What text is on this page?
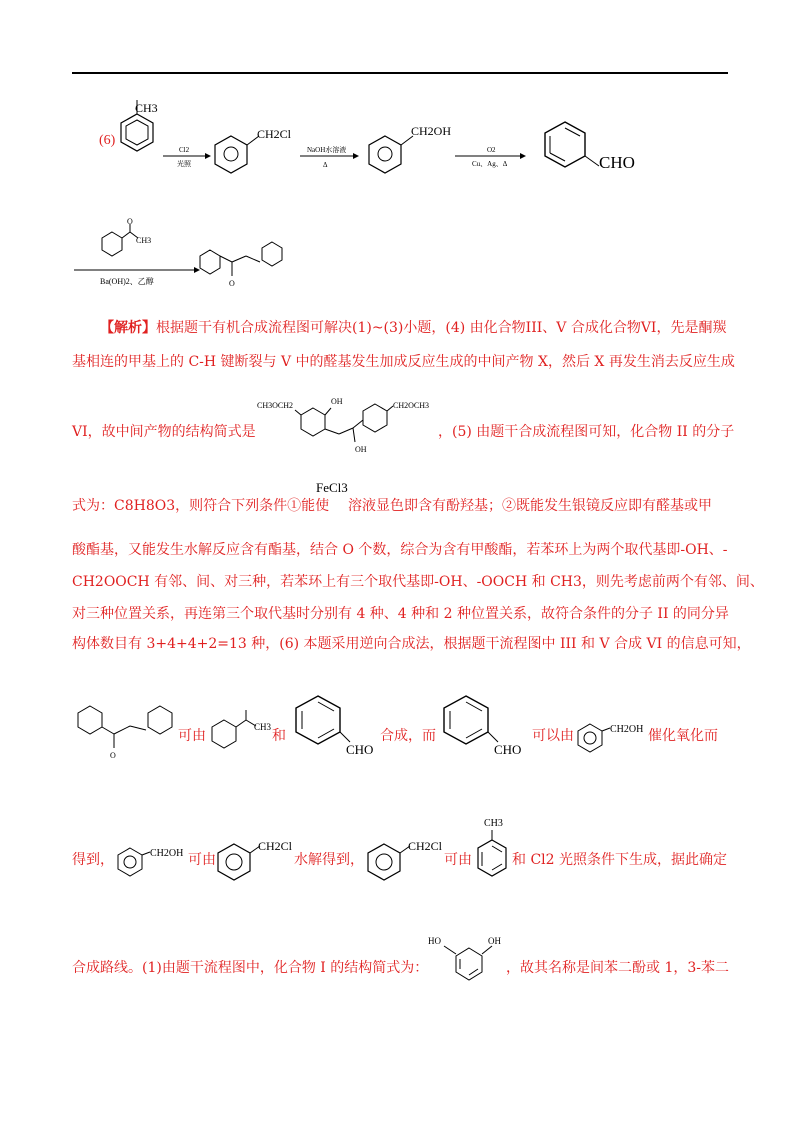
(6)
CH3
Cl2
光照
CH2Cl
NaOH水溶液
Δ
CH2OH
O2
Cu、Ag、Δ	CHO
O
CH3
Ba(OH)2、乙醇	O
【解析】根据题干有机合成流程图可解决(1)~(3)小题，(4) 由化合物III、V 合成化合物VI，先是酮羰
基相连的甲基上的 C-H 键断裂与 V 中的醛基发生加成反应生成的中间产物 X，然后 X 再发生消去反应生成
VI，故中间产物的结构简式是
CH3OCH2	OH	CH2OCH3
OH
，(5) 由题干合成流程图可知，化合物 II 的分子
式为：C8H8O3，则符合下列条件①能使
FeCl3
溶液显色即含有酚羟基；②既能发生银镜反应即有醛基或甲
酸酯基，又能发生水解反应含有酯基，结合 O 个数，综合为含有甲酸酯，若苯环上为两个取代基即-OH、-
CH2OOCH 有邻、间、对三种，若苯环上有三个取代基即-OH、-OOCH 和 CH3，则先考虑前两个有邻、间、
对三种位置关系，再连第三个取代基时分别有 4 种、4 种和 2 种位置关系，故符合条件的分子 II 的同分异
构体数目有 3+4+4+2=13 种，(6) 本题采用逆向合成法，根据题干流程图中 III 和 V 合成 VI 的信息可知，
O
可由
CH3
和
CHO
合成，而
CHO
可以由	CH2OH 催化氧化而
得到，	CH2OH 可由
CH2Cl
水解得到，
CH2Cl
可由
CH3
和 Cl2 光照条件下生成，据此确定
合成路线。(1)由题干流程图中，化合物 I 的结构简式为：
HO	OH
，故其名称是间苯二酚或 1，3-苯二
